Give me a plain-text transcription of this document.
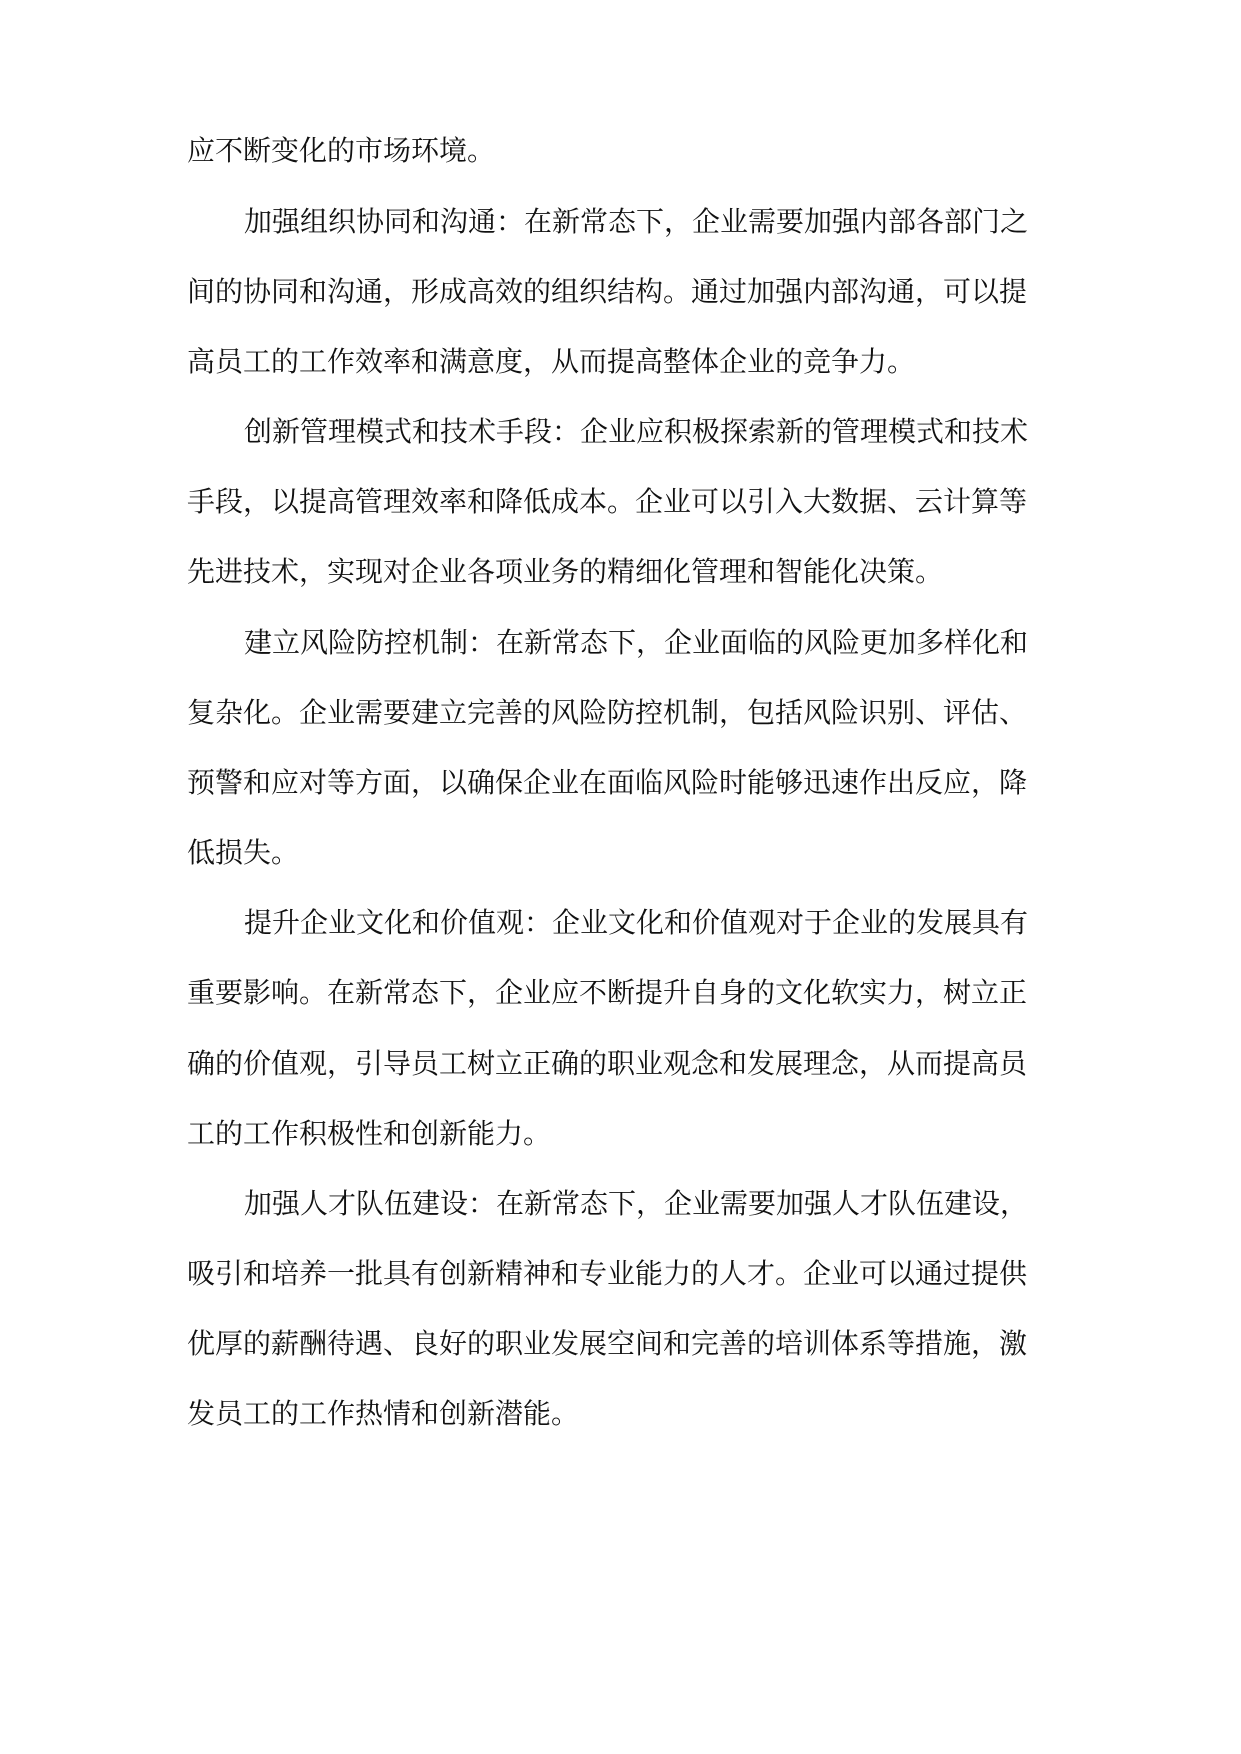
应不断变化的市场环境。
加强组织协同和沟通：在新常态下，企业需要加强内部各部门之
间的协同和沟通，形成高效的组织结构。通过加强内部沟通，可以提
高员工的工作效率和满意度，从而提高整体企业的竞争力。
创新管理模式和技术手段：企业应积极探索新的管理模式和技术
手段，以提高管理效率和降低成本。企业可以引入大数据、云计算等
先进技术，实现对企业各项业务的精细化管理和智能化决策。
建立风险防控机制：在新常态下，企业面临的风险更加多样化和
复杂化。企业需要建立完善的风险防控机制，包括风险识别、评估、
预警和应对等方面，以确保企业在面临风险时能够迅速作出反应，降
低损失。
提升企业文化和价值观：企业文化和价值观对于企业的发展具有
重要影响。在新常态下，企业应不断提升自身的文化软实力，树立正
确的价值观，引导员工树立正确的职业观念和发展理念，从而提高员
工的工作积极性和创新能力。
加强人才队伍建设：在新常态下，企业需要加强人才队伍建设，
吸引和培养一批具有创新精神和专业能力的人才。企业可以通过提供
优厚的薪酬待遇、良好的职业发展空间和完善的培训体系等措施，激
发员工的工作热情和创新潜能。
